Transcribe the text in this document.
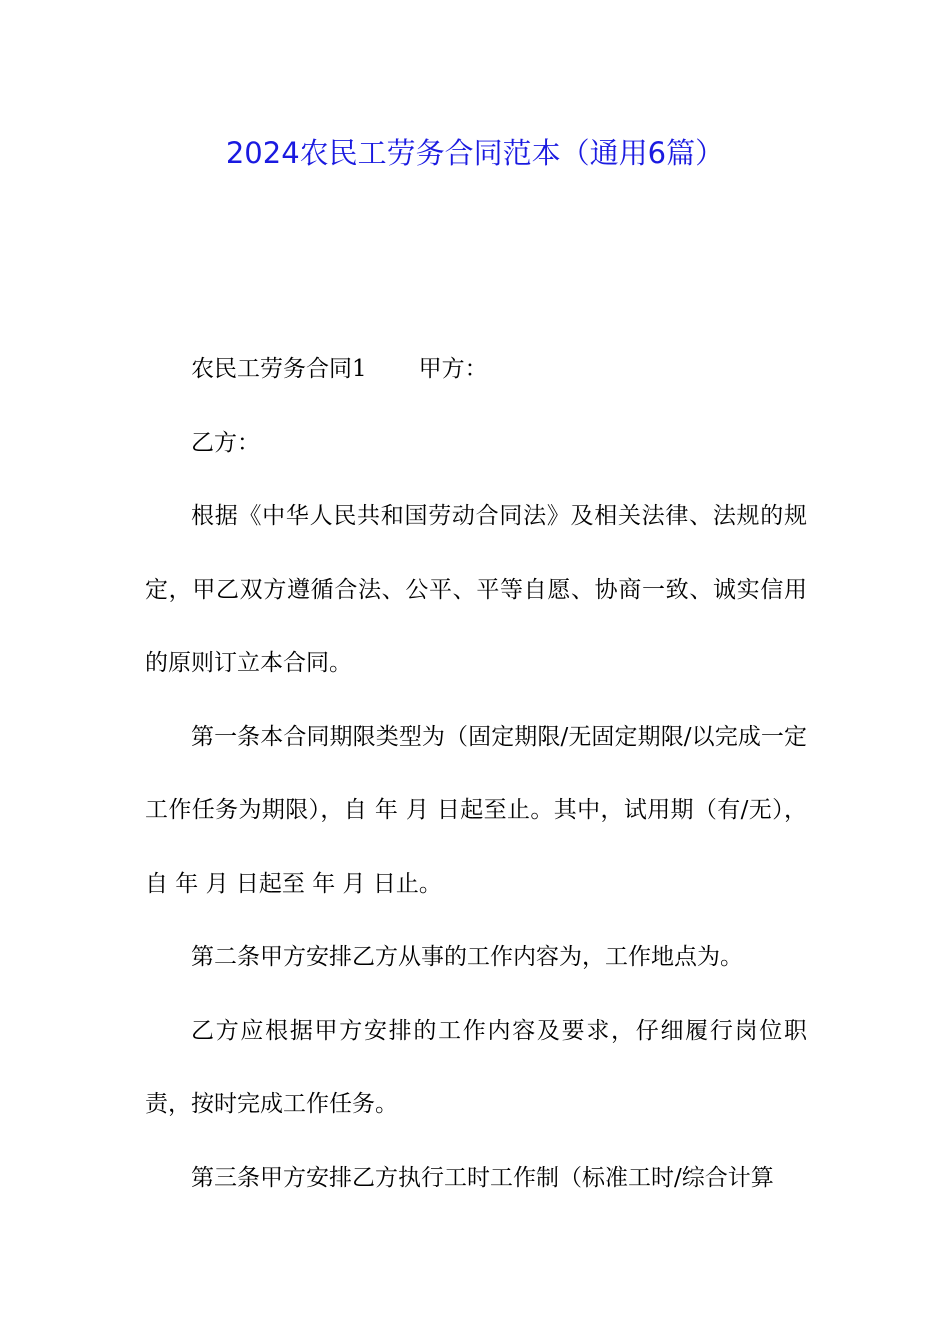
2024农民工劳务合同范本（通用6篇）

农民工劳务合同1 甲方：

乙方：

根据《中华人民共和国劳动合同法》及相关法律、法规的规定，甲乙双方遵循合法、公平、平等自愿、协商一致、诚实信用的原则订立本合同。

第一条本合同期限类型为（固定期限/无固定期限/以完成一定工作任务为期限），自 年 月 日起至止。其中，试用期（有/无），自 年 月 日起至 年 月 日止。

第二条甲方安排乙方从事的工作内容为，工作地点为。

乙方应根据甲方安排的工作内容及要求，仔细履行岗位职责，按时完成工作任务。

第三条甲方安排乙方执行工时工作制（标准工时/综合计算
